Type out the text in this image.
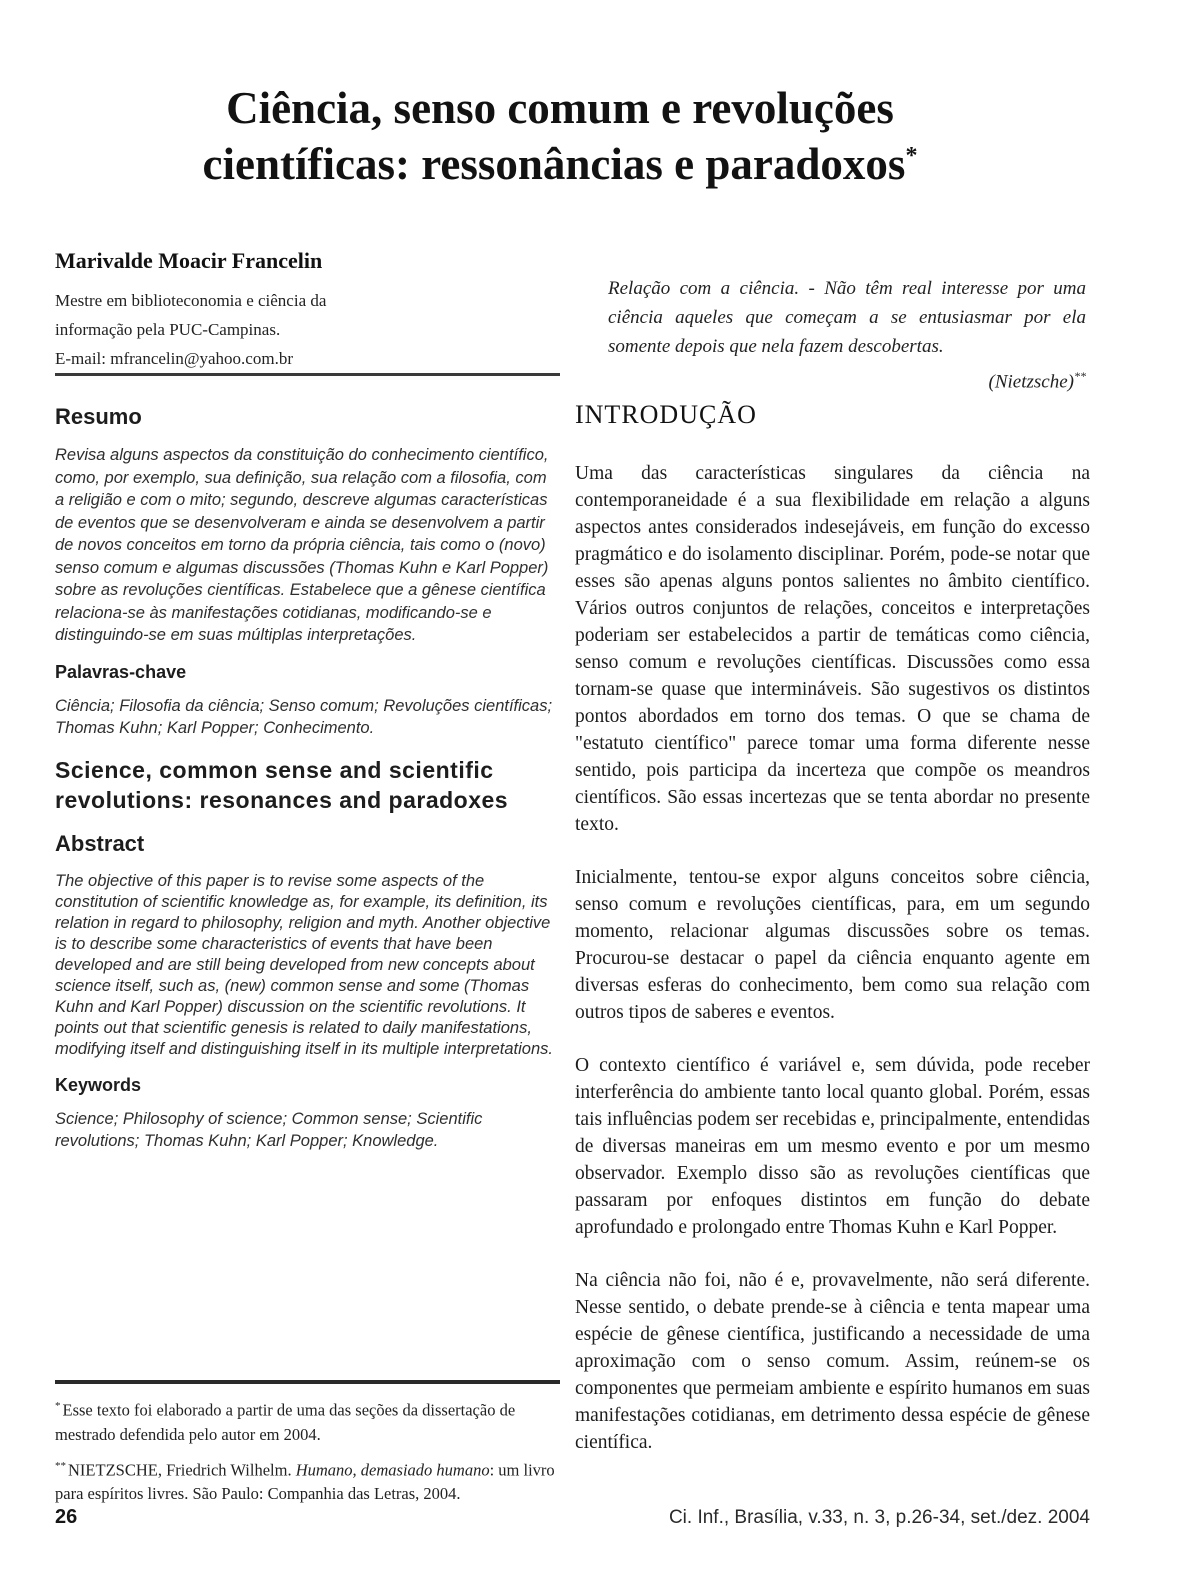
Ciência, senso comum e revoluções
científicas: ressonâncias e paradoxos*
Marivalde Moacir Francelin
Mestre em biblioteconomia e ciência da
informação pela PUC-Campinas.
E-mail: mfrancelin@yahoo.com.br
Relação com a ciência. - Não têm real interesse por uma ciência aqueles que começam a se entusiasmar por ela somente depois que nela fazem descobertas.
(Nietzsche)**
Resumo

Revisa alguns aspectos da constituição do conhecimento científico, como, por exemplo, sua definição, sua relação com a filosofia, com a religião e com o mito; segundo, descreve algumas características de eventos que se desenvolveram e ainda se desenvolvem a partir de novos conceitos em torno da própria ciência, tais como o (novo) senso comum e algumas discussões (Thomas Kuhn e Karl Popper) sobre as revoluções científicas. Estabelece que a gênese científica relaciona-se às manifestações cotidianas, modificando-se e distinguindo-se em suas múltiplas interpretações.

Palavras-chave

Ciência; Filosofia da ciência; Senso comum; Revoluções científicas; Thomas Kuhn; Karl Popper; Conhecimento.

Science, common sense and scientific revolutions: resonances and paradoxes
Abstract

The objective of this paper is to revise some aspects of the constitution of scientific knowledge as, for example, its definition, its relation in regard to philosophy, religion and myth. Another objective is to describe some characteristics of events that have been developed and are still being developed from new concepts about science itself, such as, (new) common sense and some (Thomas Kuhn and Karl Popper) discussion on the scientific revolutions. It points out that scientific genesis is related to daily manifestations, modifying itself and distinguishing itself in its multiple interpretations.

Keywords

Science; Philosophy of science; Common sense; Scientific revolutions; Thomas Kuhn; Karl Popper; Knowledge.

INTRODUÇÃO

Uma das características singulares da ciência na contemporaneidade é a sua flexibilidade em relação a alguns aspectos antes considerados indesejáveis, em função do excesso pragmático e do isolamento disciplinar. Porém, pode-se notar que esses são apenas alguns pontos salientes no âmbito científico. Vários outros conjuntos de relações, conceitos e interpretações poderiam ser estabelecidos a partir de temáticas como ciência, senso comum e revoluções científicas. Discussões como essa tornam-se quase que intermináveis. São sugestivos os distintos pontos abordados em torno dos temas. O que se chama de "estatuto científico" parece tomar uma forma diferente nesse sentido, pois participa da incerteza que compõe os meandros científicos. São essas incertezas que se tenta abordar no presente texto.

Inicialmente, tentou-se expor alguns conceitos sobre ciência, senso comum e revoluções científicas, para, em um segundo momento, relacionar algumas discussões sobre os temas. Procurou-se destacar o papel da ciência enquanto agente em diversas esferas do conhecimento, bem como sua relação com outros tipos de saberes e eventos.

O contexto científico é variável e, sem dúvida, pode receber interferência do ambiente tanto local quanto global. Porém, essas tais influências podem ser recebidas e, principalmente, entendidas de diversas maneiras em um mesmo evento e por um mesmo observador. Exemplo disso são as revoluções científicas que passaram por enfoques distintos em função do debate aprofundado e prolongado entre Thomas Kuhn e Karl Popper.

Na ciência não foi, não é e, provavelmente, não será diferente. Nesse sentido, o debate prende-se à ciência e tenta mapear uma espécie de gênese científica, justificando a necessidade de uma aproximação com o senso comum. Assim, reúnem-se os componentes que permeiam ambiente e espírito humanos em suas manifestações cotidianas, em detrimento dessa espécie de gênese científica.

* Esse texto foi elaborado a partir de uma das seções da dissertação de mestrado defendida pelo autor em 2004.
** NIETZSCHE, Friedrich Wilhelm. Humano, demasiado humano: um livro para espíritos livres. São Paulo: Companhia das Letras, 2004.
26	Ci. Inf., Brasília, v.33, n. 3, p.26-34, set./dez. 2004
